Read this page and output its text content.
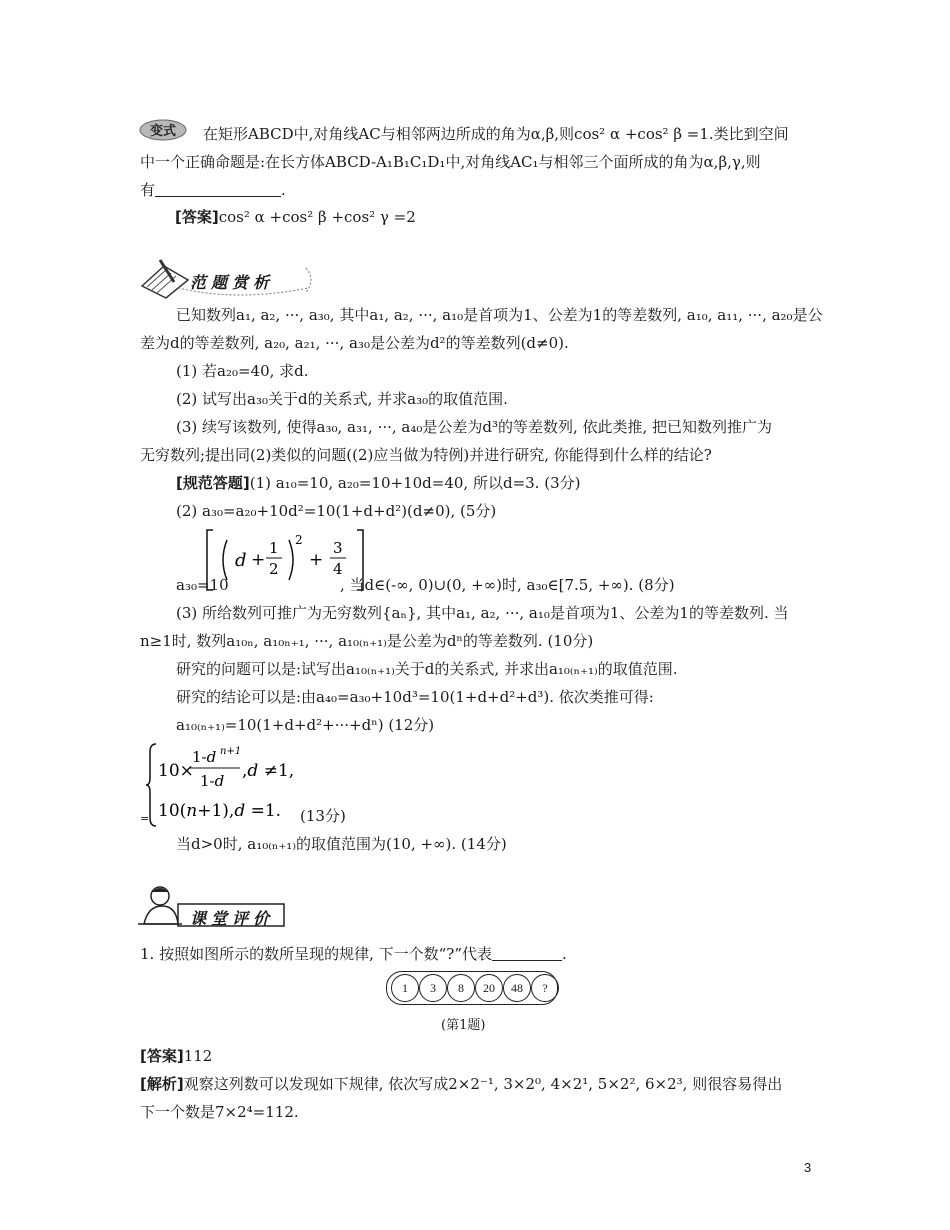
变式	在矩形ABCD中,对角线AC与相邻两边所成的角为α,β,则cos² α +cos² β =1.类比到空间
中一个正确命题是:在长方体ABCD-A₁B₁C₁D₁中,对角线AC₁与相邻三个面所成的角为α,β,γ,则
有	.
[答案]cos² α +cos² β +cos² γ =2
范题赏析
已知数列a₁, a₂, ···, a₃₀, 其中a₁, a₂, ···, a₁₀是首项为1、公差为1的等差数列, a₁₀, a₁₁, ···, a₂₀是公
差为d的等差数列, a₂₀, a₂₁, ···, a₃₀是公差为d²的等差数列(d≠0).
(1) 若a₂₀=40, 求d.
(2) 试写出a₃₀关于d的关系式, 并求a₃₀的取值范围.
(3) 续写该数列, 使得a₃₀, a₃₁, ···, a₄₀是公差为d³的等差数列, 依此类推, 把已知数列推广为
无穷数列;提出同(2)类似的问题((2)应当做为特例)并进行研究, 你能得到什么样的结论?
[规范答题](1) a₁₀=10, a₂₀=10+10d=40, 所以d=3. (3分)
(2) a₃₀=a₂₀+10d²=10(1+d+d²)(d≠0), (5分)
d +
1
2
2
+
3
4
a₃₀=10	, 当d∈(-∞, 0)∪(0, +∞)时, a₃₀∈[7.5, +∞). (8分)
(3) 所给数列可推广为无穷数列{aₙ}, 其中a₁, a₂, ···, a₁₀是首项为1、公差为1的等差数列. 当
n≥1时, 数列a₁₀ₙ, a₁₀ₙ₊₁, ···, a₁₀₍ₙ₊₁₎是公差为dⁿ的等差数列. (10分)
研究的问题可以是:试写出a₁₀₍ₙ₊₁₎关于d的关系式, 并求出a₁₀₍ₙ₊₁₎的取值范围.
研究的结论可以是:由a₄₀=a₃₀+10d³=10(1+d+d²+d³). 依次类推可得:
a₁₀₍ₙ₊₁₎=10(1+d+d²+···+dⁿ) (12分)
10×
1-d n+1
1-d ,d ≠1,
10(n+1),d =1.
=	(13分)
当d>0时, a₁₀₍ₙ₊₁₎的取值范围为(10, +∞). (14分)
课堂评价
1. 按照如图所示的数所呈现的规律, 下一个数“?”代表	.
1	3	8	20	48	?
(第1题)
[答案]112
[解析]观察这列数可以发现如下规律, 依次写成2×2⁻¹, 3×2⁰, 4×2¹, 5×2², 6×2³, 则很容易得出
下一个数是7×2⁴=112.
3
